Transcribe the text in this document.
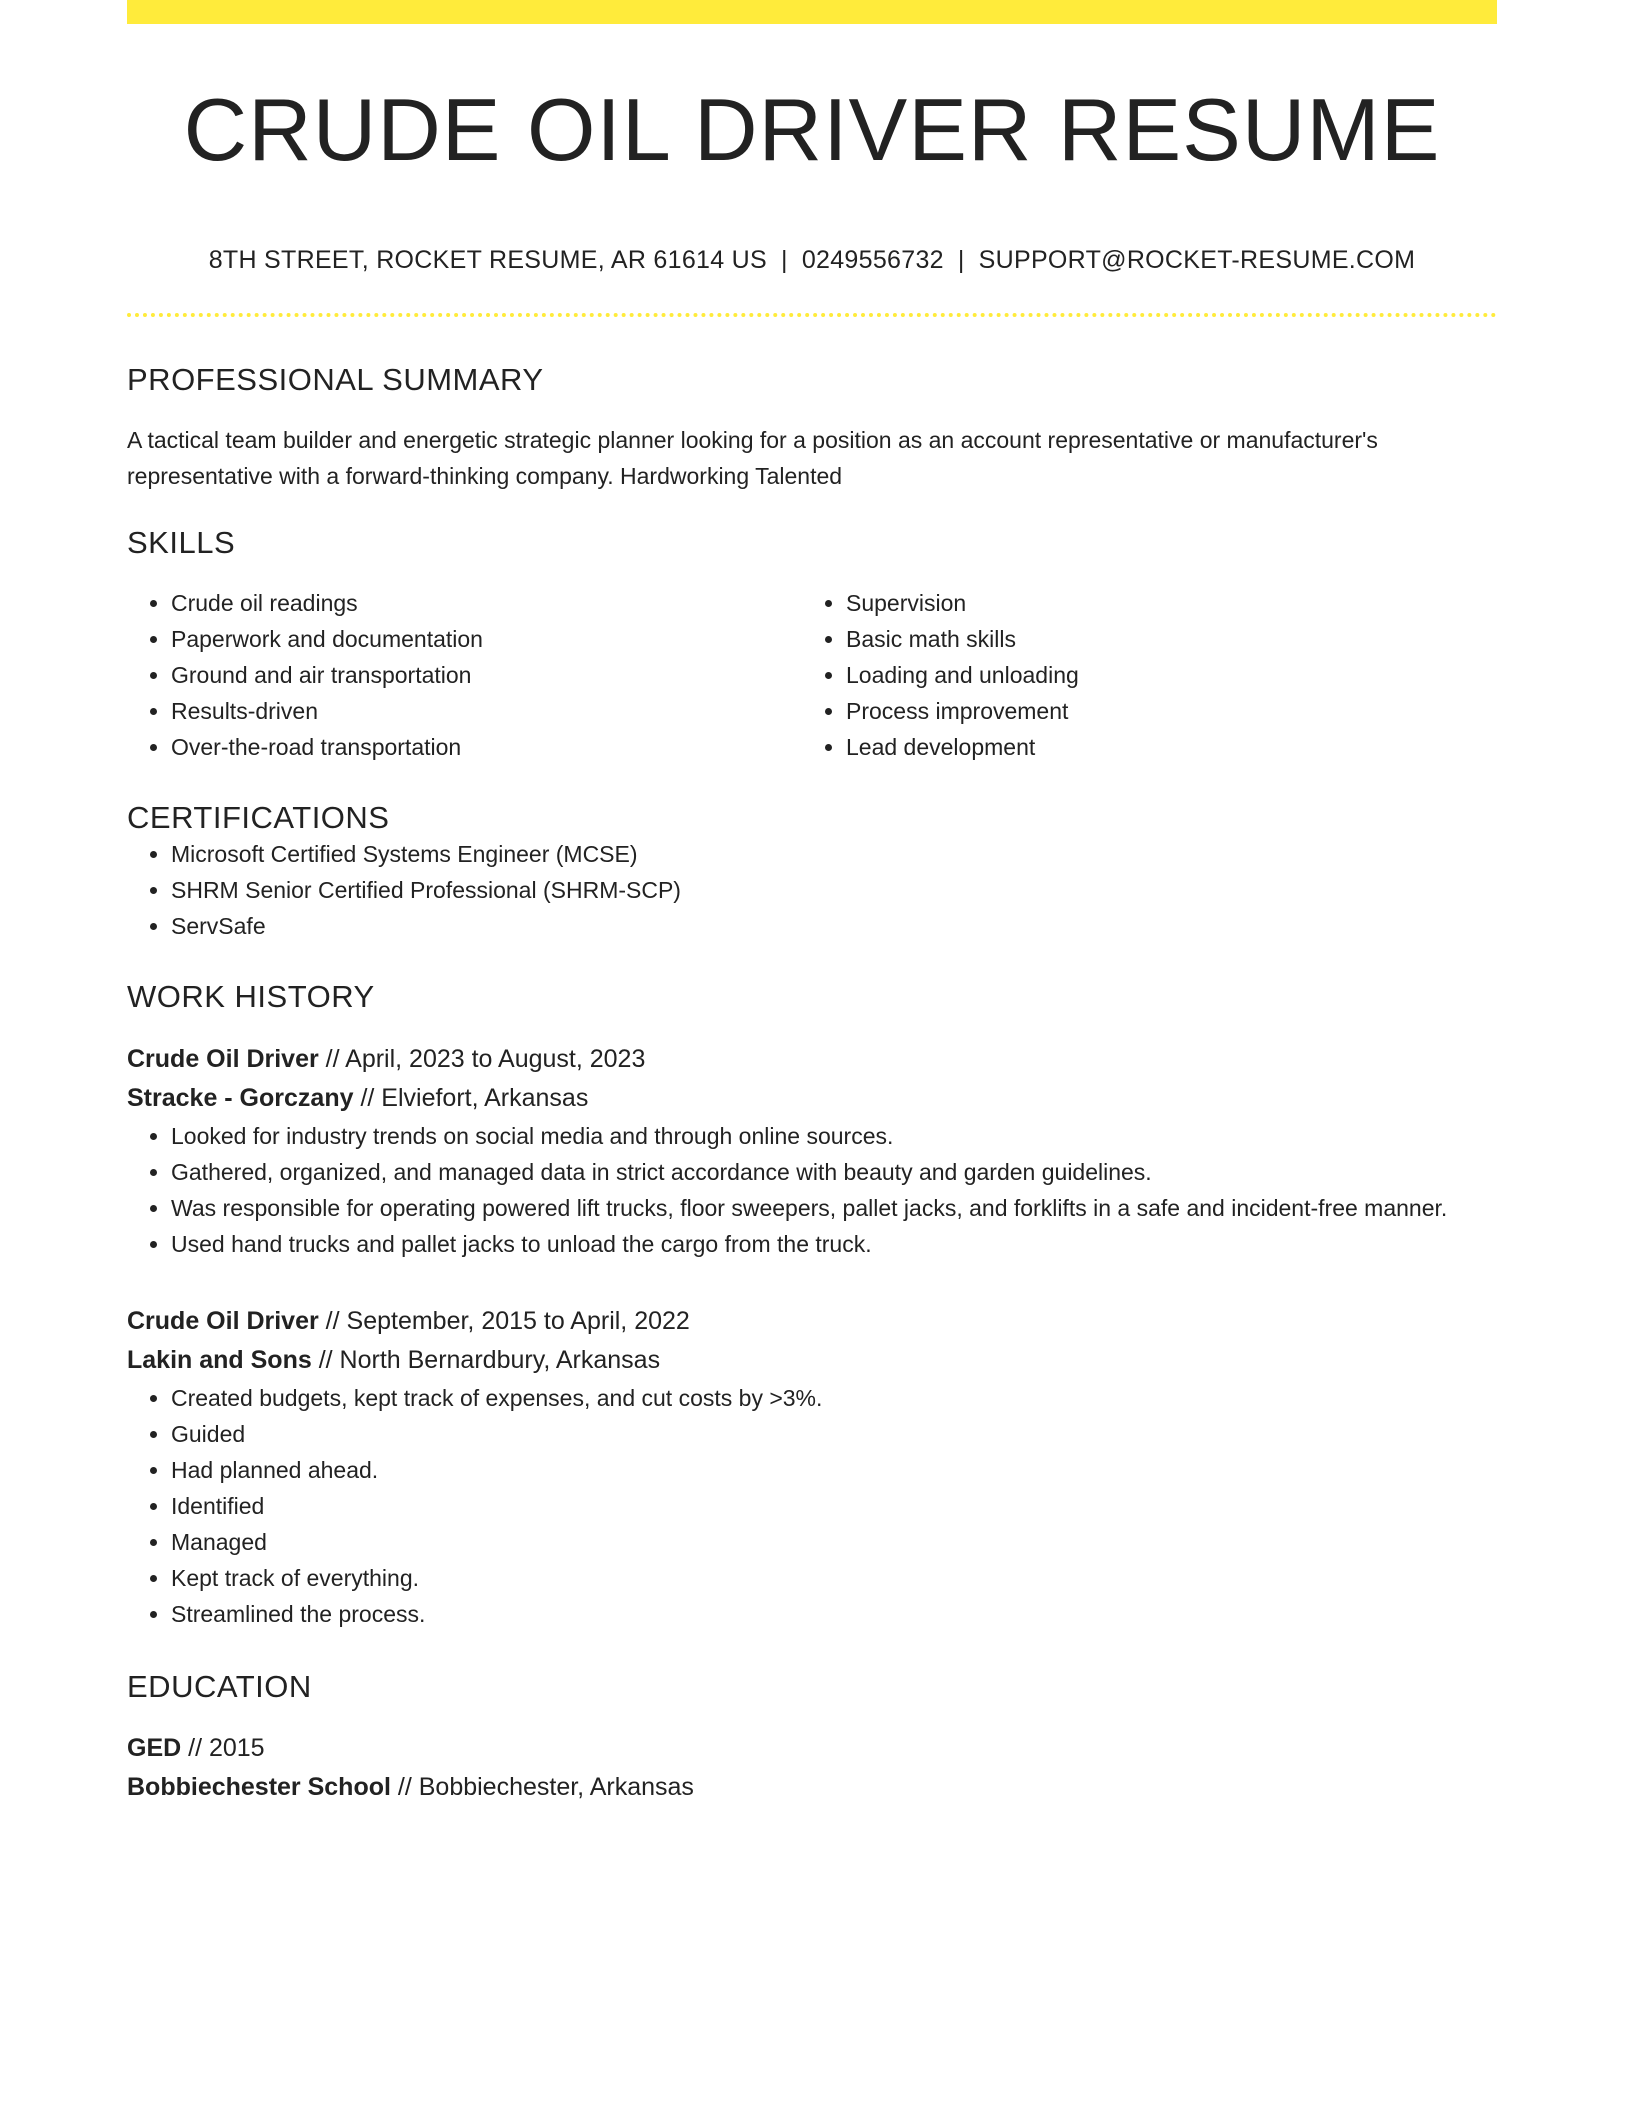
CRUDE OIL DRIVER RESUME
8TH STREET, ROCKET RESUME, AR 61614 US | 0249556732 | SUPPORT@ROCKET-RESUME.COM
PROFESSIONAL SUMMARY
A tactical team builder and energetic strategic planner looking for a position as an account representative or manufacturer's representative with a forward-thinking company. Hardworking Talented
SKILLS
• Crude oil readings
• Paperwork and documentation
• Ground and air transportation
• Results-driven
• Over-the-road transportation
• Supervision
• Basic math skills
• Loading and unloading
• Process improvement
• Lead development
CERTIFICATIONS
• Microsoft Certified Systems Engineer (MCSE)
• SHRM Senior Certified Professional (SHRM-SCP)
• ServSafe
WORK HISTORY
Crude Oil Driver // April, 2023 to August, 2023
Stracke - Gorczany // Elviefort, Arkansas
• Looked for industry trends on social media and through online sources.
• Gathered, organized, and managed data in strict accordance with beauty and garden guidelines.
• Was responsible for operating powered lift trucks, floor sweepers, pallet jacks, and forklifts in a safe and incident-free manner.
• Used hand trucks and pallet jacks to unload the cargo from the truck.
Crude Oil Driver // September, 2015 to April, 2022
Lakin and Sons // North Bernardbury, Arkansas
• Created budgets, kept track of expenses, and cut costs by >3%.
• Guided
• Had planned ahead.
• Identified
• Managed
• Kept track of everything.
• Streamlined the process.
EDUCATION
GED // 2015
Bobbiechester School // Bobbiechester, Arkansas
